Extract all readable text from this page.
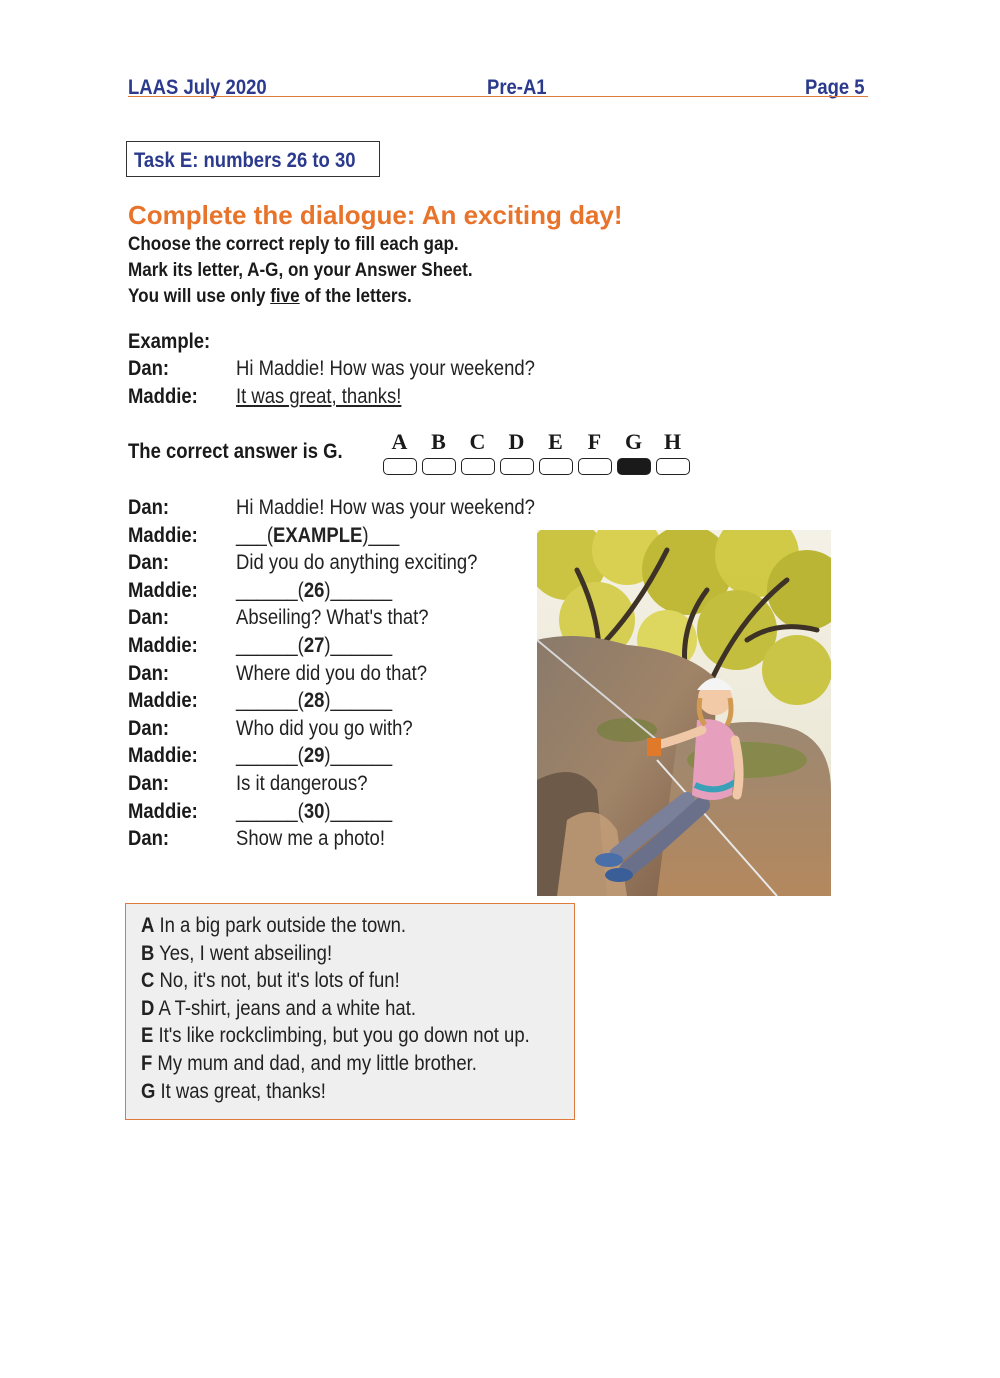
LAAS July 2020	Pre-A1	Page 5
Task E: numbers 26 to 30
Complete the dialogue: An exciting day!
Choose the correct reply to fill each gap.
Mark its letter, A-G, on your Answer Sheet.
You will use only five of the letters.
Example:
Dan:	Hi Maddie! How was your weekend?
Maddie: It was great, thanks!
The correct answer is G.	A	B	C	D	E	F	G H
Dan:	Hi Maddie! How was your weekend?
Maddie: ___(EXAMPLE)___
Dan:	Did you do anything exciting?
Maddie: ______(26)______
Dan:	Abseiling? What's that?
Maddie: ______(27)______
Dan:	Where did you do that?
Maddie: ______(28)______
Dan:	Who did you go with?
Maddie: ______(29)______
Dan:	Is it dangerous?
Maddie: ______(30)______
Dan:	Show me a photo!
A In a big park outside the town.
B Yes, I went abseiling!
C No, it's not, but it's lots of fun!
D A T-shirt, jeans and a white hat.
E It's like rockclimbing, but you go down not up.
F My mum and dad, and my little brother.
G It was great, thanks!
